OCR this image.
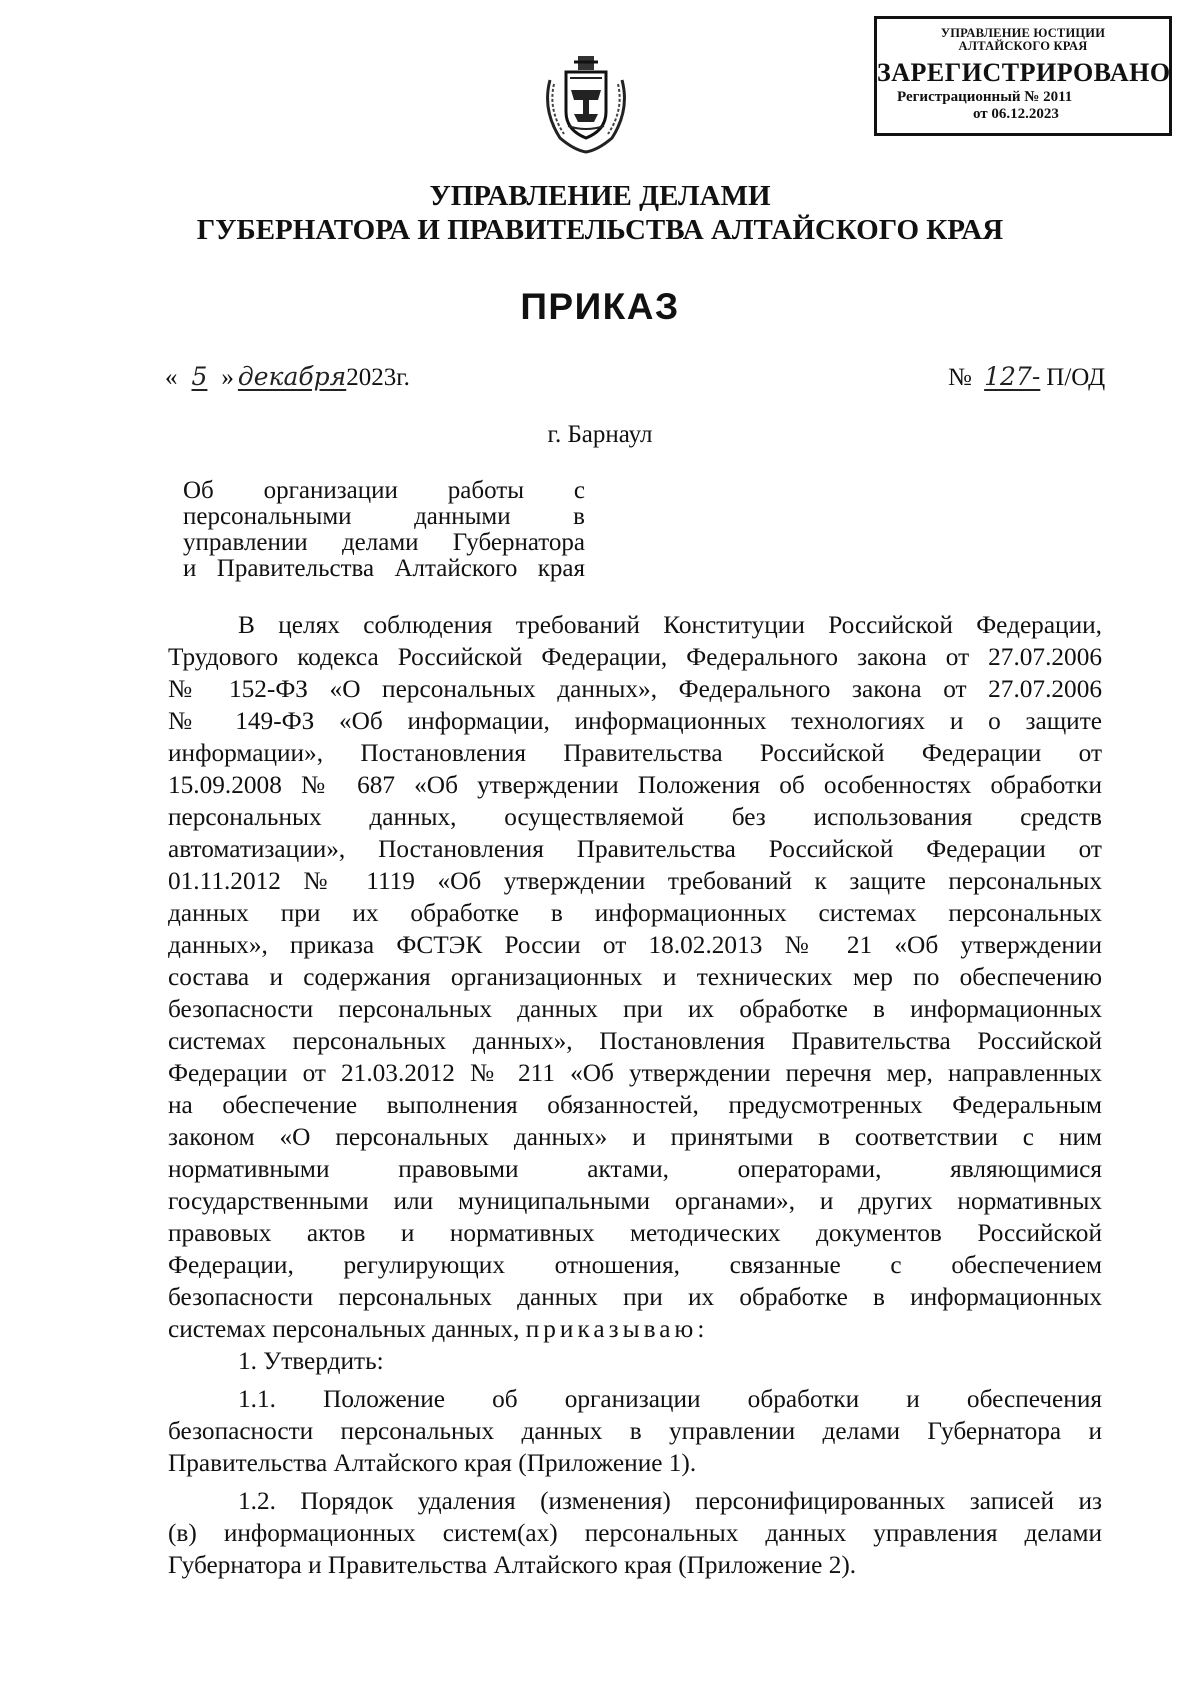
УПРАВЛЕНИЕ ЮСТИЦИИ
АЛТАЙСКОГО КРАЯ
ЗАРЕГИСТРИРОВАНО
Регистрационный № 2011
от 06.12.2023
УПРАВЛЕНИЕ ДЕЛАМИ
ГУБЕРНАТОРА И ПРАВИТЕЛЬСТВА АЛТАЙСКОГО КРАЯ
ПРИКАЗ
« 5 » декабря2023г.	№ 127- П/ОД
г. Барнаул
Об организации работы с
персональными данными в
управлении делами Губернатора
и Правительства Алтайского края
В целях соблюдения требований Конституции Российской Федерации,
Трудового кодекса Российской Федерации, Федерального закона от 27.07.2006
№ 152-ФЗ «О персональных данных», Федерального закона от 27.07.2006
№ 149-ФЗ «Об информации, информационных технологиях и о защите
информации», Постановления Правительства Российской Федерации от
15.09.2008 № 687 «Об утверждении Положения об особенностях обработки
персональных данных, осуществляемой без использования средств
автоматизации», Постановления Правительства Российской Федерации от
01.11.2012 № 1119 «Об утверждении требований к защите персональных
данных при их обработке в информационных системах персональных
данных», приказа ФСТЭК России от 18.02.2013 № 21 «Об утверждении
состава и содержания организационных и технических мер по обеспечению
безопасности персональных данных при их обработке в информационных
системах персональных данных», Постановления Правительства Российской
Федерации от 21.03.2012 № 211 «Об утверждении перечня мер, направленных
на обеспечение выполнения обязанностей, предусмотренных Федеральным
законом «О персональных данных» и принятыми в соответствии с ним
нормативными правовыми актами, операторами, являющимися
государственными или муниципальными органами», и других нормативных
правовых актов и нормативных методических документов Российской
Федерации, регулирующих отношения, связанные с обеспечением
безопасности персональных данных при их обработке в информационных
системах персональных данных, приказываю:
1. Утвердить:
1.1. Положение об организации обработки и обеспечения
безопасности персональных данных в управлении делами Губернатора и
Правительства Алтайского края (Приложение 1).
1.2. Порядок удаления (изменения) персонифицированных записей из
(в) информационных систем(ах) персональных данных управления делами
Губернатора и Правительства Алтайского края (Приложение 2).
